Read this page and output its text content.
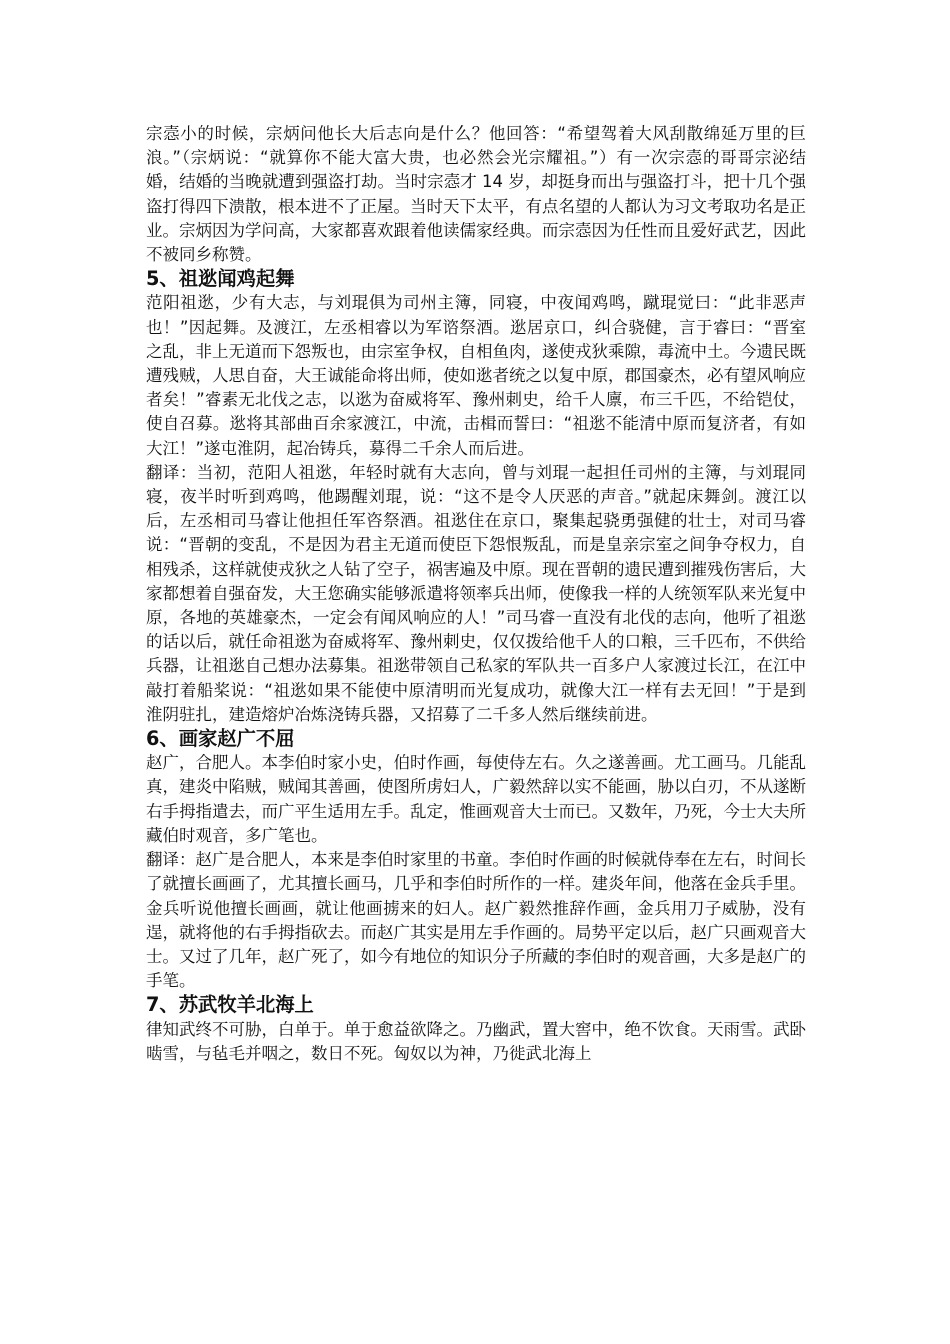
宗悫小的时候，宗炳问他长大后志向是什么？他回答：“希望驾着大风刮散绵延万里的巨浪。”（宗炳说：“就算你不能大富大贵，也必然会光宗耀祖。”）有一次宗悫的哥哥宗泌结婚，结婚的当晚就遭到强盗打劫。当时宗悫才 14 岁，却挺身而出与强盗打斗，把十几个强盗打得四下溃散，根本进不了正屋。当时天下太平，有点名望的人都认为习文考取功名是正业。宗炳因为学问高，大家都喜欢跟着他读儒家经典。而宗悫因为任性而且爱好武艺，因此不被同乡称赞。

5、祖逖闻鸡起舞

范阳祖逖，少有大志，与刘琨俱为司州主簿，同寝，中夜闻鸡鸣，蹴琨觉曰：“此非恶声也！”因起舞。及渡江，左丞相睿以为军谘祭酒。逖居京口，纠合骁健，言于睿曰：“晋室之乱，非上无道而下怨叛也，由宗室争权，自相鱼肉，遂使戎狄乘隙，毒流中土。今遗民既遭残贼，人思自奋，大王诚能命将出师，使如逖者统之以复中原，郡国豪杰，必有望风响应者矣！”睿素无北伐之志，以逖为奋威将军、豫州刺史，给千人廪，布三千匹，不给铠仗，使自召募。逖将其部曲百余家渡江，中流，击楫而誓曰：“祖逖不能清中原而复济者，有如大江！”遂屯淮阴，起冶铸兵，募得二千余人而后进。

翻译：当初，范阳人祖逖，年轻时就有大志向，曾与刘琨一起担任司州的主簿，与刘琨同寝，夜半时听到鸡鸣，他踢醒刘琨，说：“这不是令人厌恶的声音。”就起床舞剑。渡江以后，左丞相司马睿让他担任军咨祭酒。祖逖住在京口，聚集起骁勇强健的壮士，对司马睿说：“晋朝的变乱，不是因为君主无道而使臣下怨恨叛乱，而是皇亲宗室之间争夺权力，自相残杀，这样就使戎狄之人钻了空子，祸害遍及中原。现在晋朝的遗民遭到摧残伤害后，大家都想着自强奋发，大王您确实能够派遣将领率兵出师，使像我一样的人统领军队来光复中原，各地的英雄豪杰，一定会有闻风响应的人！”司马睿一直没有北伐的志向，他听了祖逖的话以后，就任命祖逖为奋威将军、豫州刺史，仅仅拨给他千人的口粮，三千匹布，不供给兵器，让祖逖自己想办法募集。祖逖带领自己私家的军队共一百多户人家渡过长江，在江中敲打着船桨说：“祖逖如果不能使中原清明而光复成功，就像大江一样有去无回！”于是到淮阴驻扎，建造熔炉冶炼浇铸兵器，又招募了二千多人然后继续前进。

6、画家赵广不屈

赵广，合肥人。本李伯时家小史，伯时作画，每使侍左右。久之遂善画。尤工画马。几能乱真，建炎中陷贼，贼闻其善画，使图所虏妇人，广毅然辞以实不能画，胁以白刃，不从遂断右手拇指遣去，而广平生适用左手。乱定，惟画观音大士而已。又数年，乃死，今士大夫所藏伯时观音，多广笔也。

翻译：赵广是合肥人，本来是李伯时家里的书童。李伯时作画的时候就侍奉在左右，时间长了就擅长画画了，尤其擅长画马，几乎和李伯时所作的一样。建炎年间，他落在金兵手里。金兵听说他擅长画画，就让他画掳来的妇人。赵广毅然推辞作画，金兵用刀子威胁，没有逞，就将他的右手拇指砍去。而赵广其实是用左手作画的。局势平定以后，赵广只画观音大士。又过了几年，赵广死了，如今有地位的知识分子所藏的李伯时的观音画，大多是赵广的手笔。

7、苏武牧羊北海上

律知武终不可胁，白单于。单于愈益欲降之。乃幽武，置大窖中，绝不饮食。天雨雪。武卧啮雪，与毡毛并咽之，数日不死。匈奴以为神，乃徙武北海上
